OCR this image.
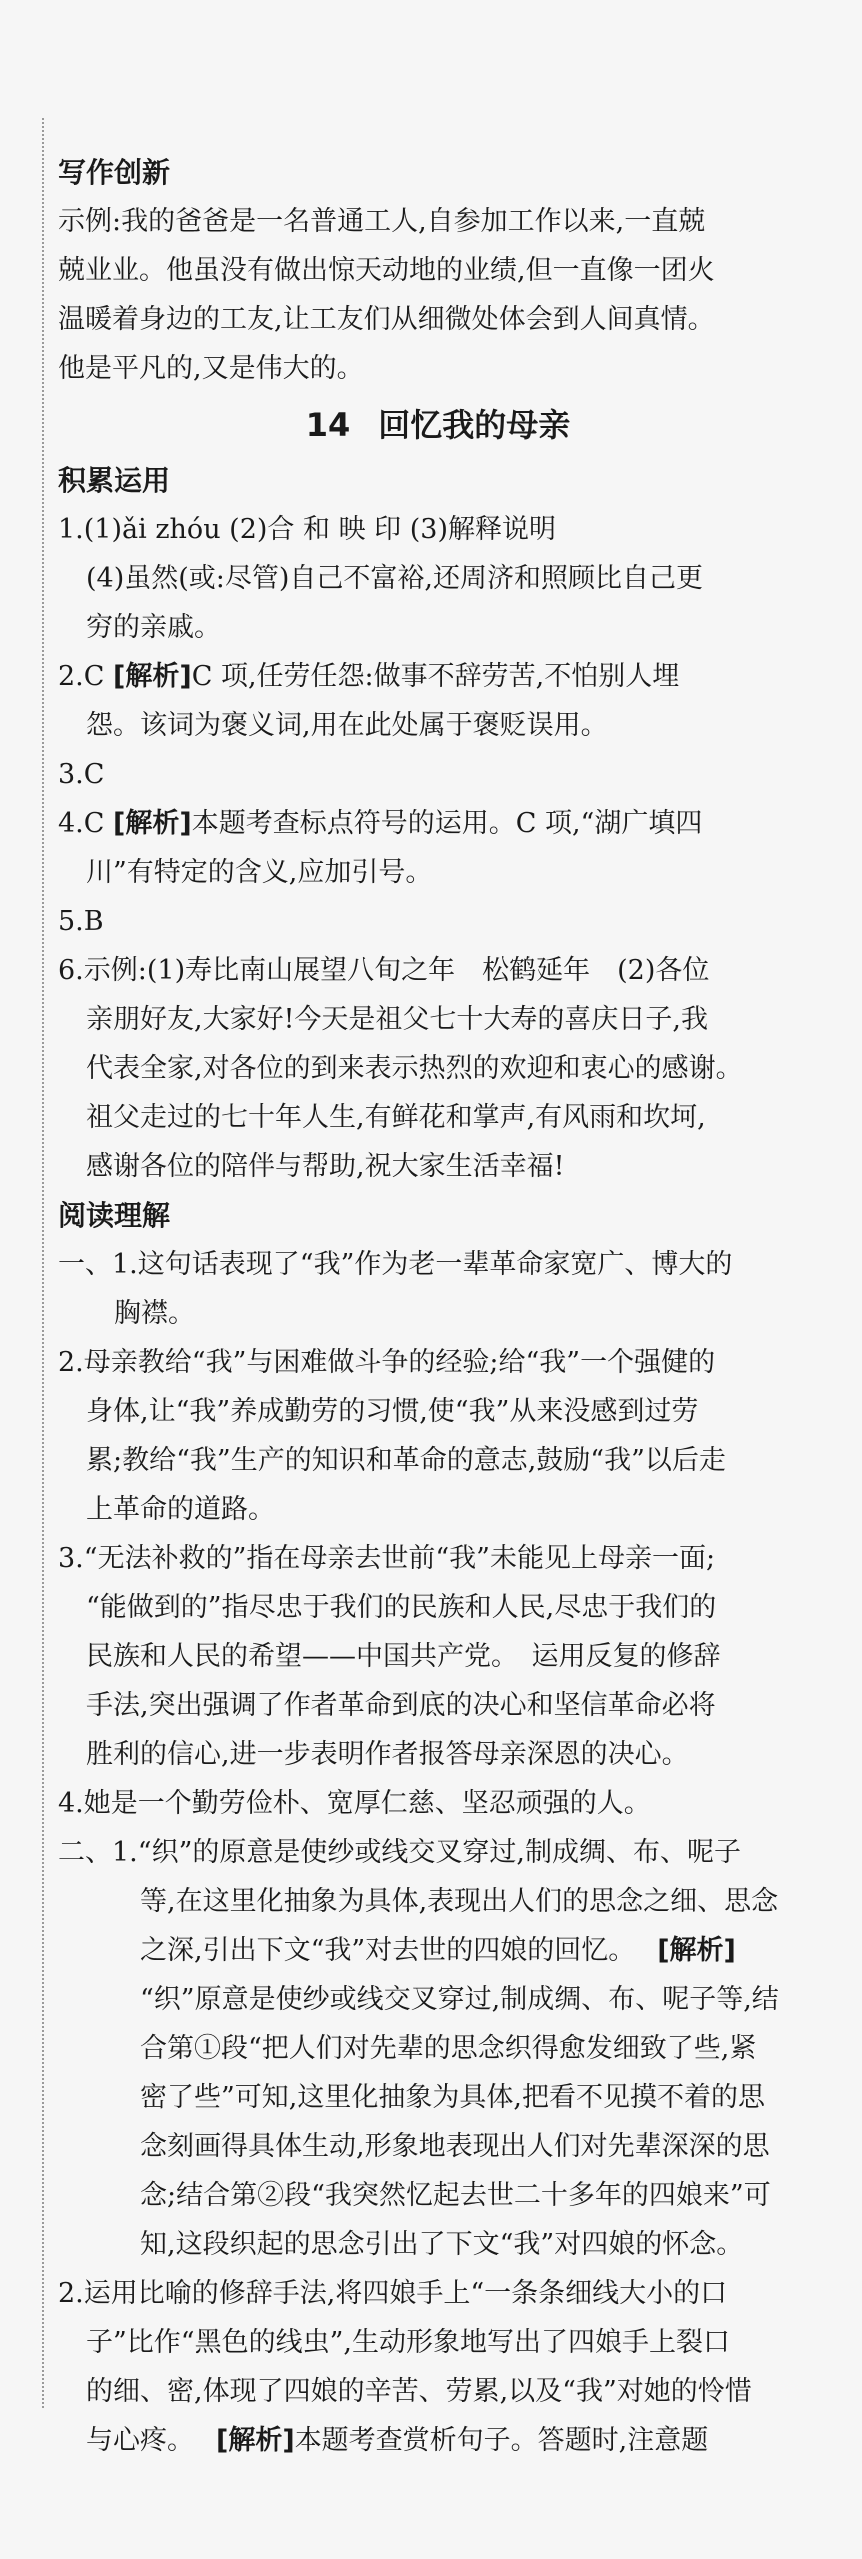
写作创新
示例:我的爸爸是一名普通工人,自参加工作以来,一直兢
兢业业。他虽没有做出惊天动地的业绩,但一直像一团火
温暖着身边的工友,让工友们从细微处体会到人间真情。
他是平凡的,又是伟大的。
14 回忆我的母亲
积累运用
1.(1)ǎi zhóu (2)合 和 映 印 (3)解释说明
(4)虽然(或:尽管)自己不富裕,还周济和照顾比自己更
穷的亲戚。
2.C [解析]C 项,任劳任怨:做事不辞劳苦,不怕别人埋
怨。该词为褒义词,用在此处属于褒贬误用。
3.C
4.C [解析]本题考查标点符号的运用。C 项,“湖广填四
川”有特定的含义,应加引号。
5.B
6.示例:(1)寿比南山展望八旬之年　松鹤延年　(2)各位
亲朋好友,大家好!今天是祖父七十大寿的喜庆日子,我
代表全家,对各位的到来表示热烈的欢迎和衷心的感谢。
祖父走过的七十年人生,有鲜花和掌声,有风雨和坎坷,
感谢各位的陪伴与帮助,祝大家生活幸福!
阅读理解
一、1.这句话表现了“我”作为老一辈革命家宽广、博大的
胸襟。
2.母亲教给“我”与困难做斗争的经验;给“我”一个强健的
身体,让“我”养成勤劳的习惯,使“我”从来没感到过劳
累;教给“我”生产的知识和革命的意志,鼓励“我”以后走
上革命的道路。
3.“无法补救的”指在母亲去世前“我”未能见上母亲一面;
“能做到的”指尽忠于我们的民族和人民,尽忠于我们的
民族和人民的希望——中国共产党。　运用反复的修辞
手法,突出强调了作者革命到底的决心和坚信革命必将
胜利的信心,进一步表明作者报答母亲深恩的决心。
4.她是一个勤劳俭朴、宽厚仁慈、坚忍顽强的人。
二、1.“织”的原意是使纱或线交叉穿过,制成绸、布、呢子
等,在这里化抽象为具体,表现出人们的思念之细、思念
之深,引出下文“我”对去世的四娘的回忆。 [解析]
“织”原意是使纱或线交叉穿过,制成绸、布、呢子等,结
合第①段“把人们对先辈的思念织得愈发细致了些,紧
密了些”可知,这里化抽象为具体,把看不见摸不着的思
念刻画得具体生动,形象地表现出人们对先辈深深的思
念;结合第②段“我突然忆起去世二十多年的四娘来”可
知,这段织起的思念引出了下文“我”对四娘的怀念。
2.运用比喻的修辞手法,将四娘手上“一条条细线大小的口
子”比作“黑色的线虫”,生动形象地写出了四娘手上裂口
的细、密,体现了四娘的辛苦、劳累,以及“我”对她的怜惜
与心疼。 [解析]本题考查赏析句子。答题时,注意题
